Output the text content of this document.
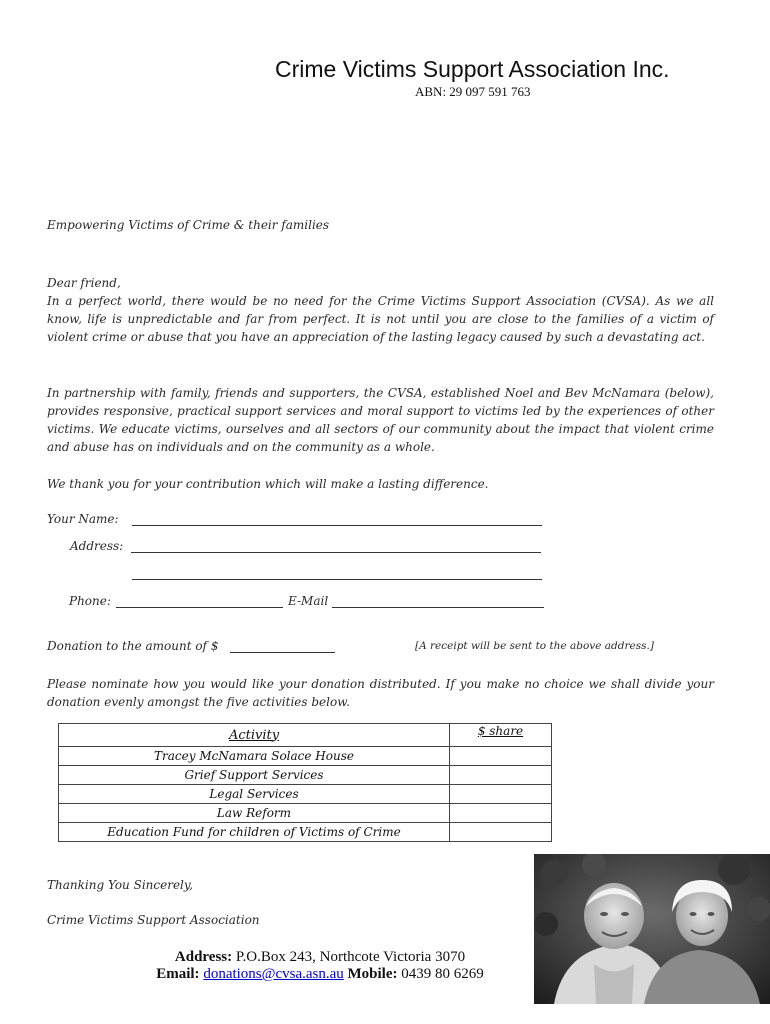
Crime Victims Support Association Inc.
ABN: 29 097 591 763
Empowering Victims of Crime & their families
Dear friend,
In a perfect world, there would be no need for the Crime Victims Support Association (CVSA). As we all know, life is unpredictable and far from perfect. It is not until you are close to the families of a victim of violent crime or abuse that you have an appreciation of the lasting legacy caused by such a devastating act.
In partnership with family, friends and supporters, the CVSA, established Noel and Bev McNamara (below), provides responsive, practical support services and moral support to victims led by the experiences of other victims. We educate victims, ourselves and all sectors of our community about the impact that violent crime and abuse has on individuals and on the community as a whole.
We thank you for your contribution which will make a lasting difference.
Your Name:
Address:
Phone:	E-Mail
Donation to the amount of $	[A receipt will be sent to the above address.]
Please nominate how you would like your donation distributed. If you make no choice we shall divide your donation evenly amongst the five activities below.
Activity	$ share
Tracey McNamara Solace House	
Grief Support Services	
Legal Services	
Law Reform	
Education Fund for children of Victims of Crime	
Thanking You Sincerely,
Crime Victims Support Association
Address: P.O.Box 243, Northcote Victoria 3070
Email: donations@cvsa.asn.au Mobile: 0439 80 6269
